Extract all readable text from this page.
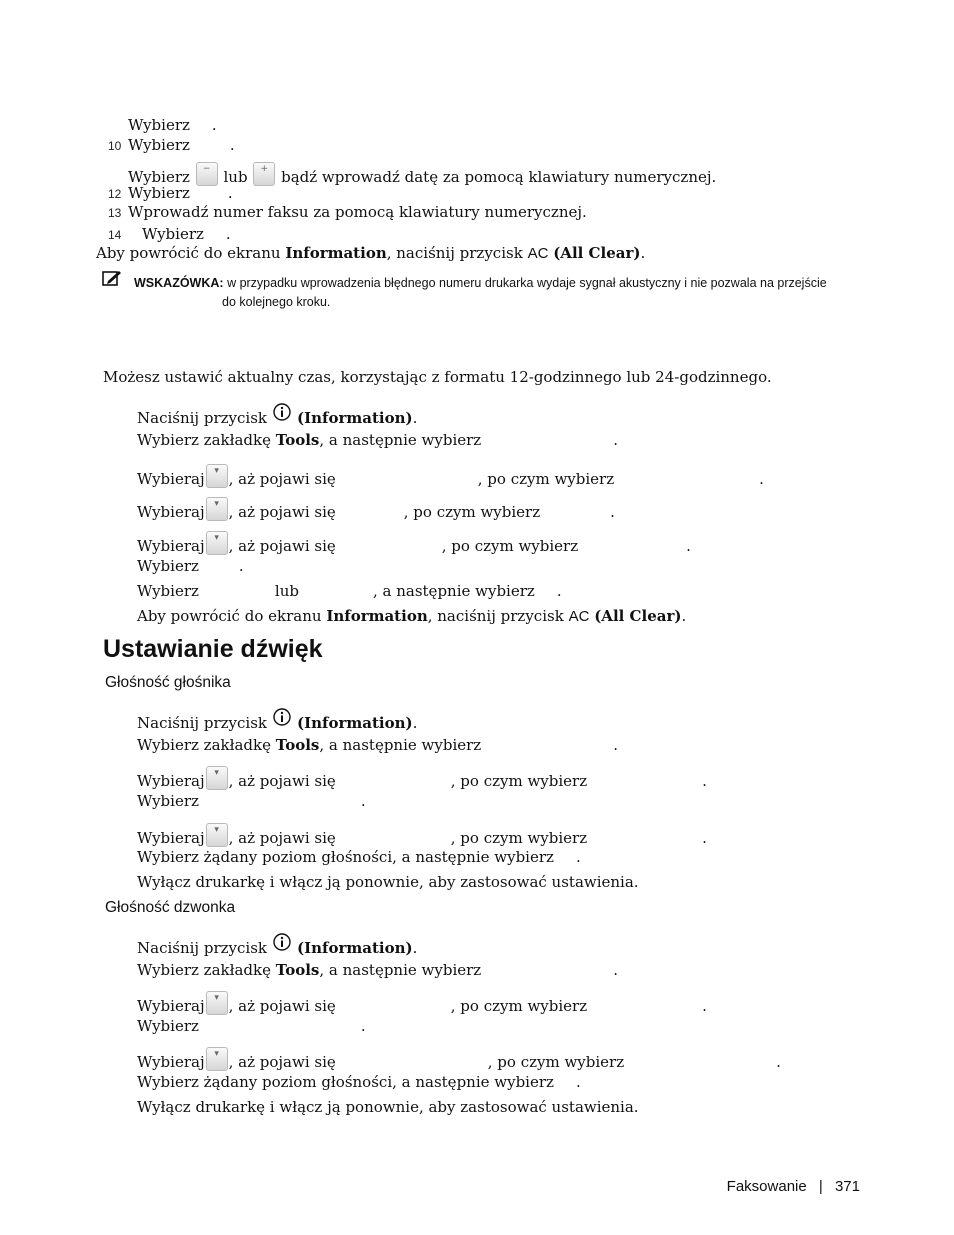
Wybierz .
10 Wybierz	.
Wybierz	− lub	+ bądź wprowadź datę za pomocą klawiatury numerycznej.
12 Wybierz	.
13 Wprowadź numer faksu za pomocą klawiatury numerycznej.
14 Wybierz .
Aby powrócić do ekranu Information, naciśnij przycisk AC (All Clear).
WSKAZÓWKA: w przypadku wprowadzenia błędnego numeru drukarka wydaje sygnał akustyczny i nie pozwala na przejście
do kolejnego kroku.
Możesz ustawić aktualny czas, korzystając z formatu 12-godzinnego lub 24-godzinnego.
Naciśnij przycisk (Information).
Wybierz zakładkę Tools, a następnie wybierz	.
Wybieraj	▾ , aż pojawi się	, po czym wybierz	.
Wybieraj	▾ , aż pojawi się	, po czym wybierz	.
Wybieraj	▾ , aż pojawi się	, po czym wybierz	.
Wybierz	.
Wybierz	lub	, a następnie wybierz .
Aby powrócić do ekranu Information, naciśnij przycisk AC (All Clear).
Ustawianie dźwięk
Głośność głośnika
Naciśnij przycisk (Information).
Wybierz zakładkę Tools, a następnie wybierz	.
Wybieraj	▾ , aż pojawi się	, po czym wybierz	.
Wybierz	.
Wybieraj	▾ , aż pojawi się	, po czym wybierz	.
Wybierz żądany poziom głośności, a następnie wybierz .
Wyłącz drukarkę i włącz ją ponownie, aby zastosować ustawienia.
Głośność dzwonka
Naciśnij przycisk (Information).
Wybierz zakładkę Tools, a następnie wybierz	.
Wybieraj	▾ , aż pojawi się	, po czym wybierz	.
Wybierz	.
Wybieraj	▾ , aż pojawi się	, po czym wybierz	.
Wybierz żądany poziom głośności, a następnie wybierz .
Wyłącz drukarkę i włącz ją ponownie, aby zastosować ustawienia.
Faksowanie | 371
